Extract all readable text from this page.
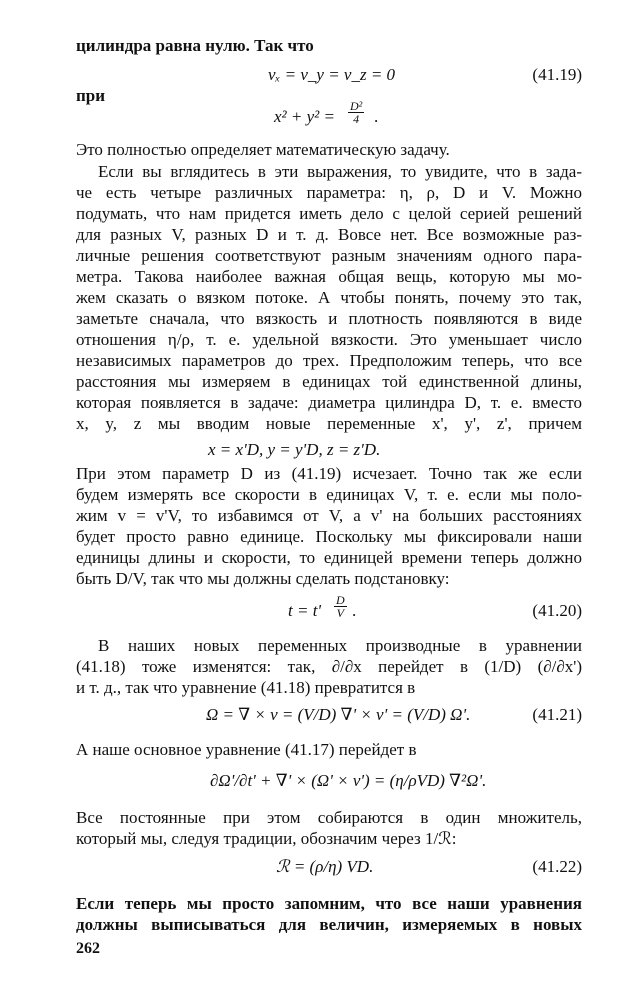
цилиндра равна нулю. Так что
vₓ = v_y = v_z = 0	(41.19)
при
$x^2 + y^2 = \frac{\text{D²}}{4}$ .
Это полностью определяет математическую задачу.
Если вы вглядитесь в эти выражения, то увидите, что в зада-
че есть четыре различных параметра: η, ρ, D и V. Можно
подумать, что нам придется иметь дело с целой серией решений
для разных V, разных D и т. д. Вовсе нет. Все возможные раз-
личные решения соответствуют разным значениям одного пара-
метра. Такова наиболее важная общая вещь, которую мы мо-
жем сказать о вязком потоке. А чтобы понять, почему это так,
заметьте сначала, что вязкость и плотность появляются в виде
отношения η/ρ, т. е. удельной вязкости. Это уменьшает число
независимых параметров до трех. Предположим теперь, что все
расстояния мы измеряем в единицах той единственной длины,
которая появляется в задаче: диаметра цилиндра D, т. е. вместо
x, y, z мы вводим новые переменные x', y', z', причем
x = x'D, y = y'D, z = z'D.
При этом параметр D из (41.19) исчезает. Точно так же если
будем измерять все скорости в единицах V, т. е. если мы поло-
жим v = v'V, то избавимся от V, а v' на больших расстояниях
будет просто равно единице. Поскольку мы фиксировали наши
единицы длины и скорости, то единицей времени теперь должно
быть D/V, так что мы должны сделать подстановку:
$t = t' \frac{D}{V}$ .	(41.20)
В наших новых переменных производные в уравнении
(41.18) тоже изменятся: так, ∂/∂x перейдет в (1/D) (∂/∂x')
и т. д., так что уравнение (41.18) превратится в
Ω = ∇ × v = (V/D) ∇' × v' = (V/D) Ω'.	(41.21)
А наше основное уравнение (41.17) перейдет в
∂Ω'/∂t' + ∇' × (Ω' × v') = (η/ρVD) ∇²Ω'.
Все постоянные при этом собираются в один множитель,
который мы, следуя традиции, обозначим через 1/ℛ:
ℛ = (ρ/η) VD.	(41.22)
Если теперь мы просто запомним, что все наши уравнения
должны выписываться для величин, измеряемых в новых
262
